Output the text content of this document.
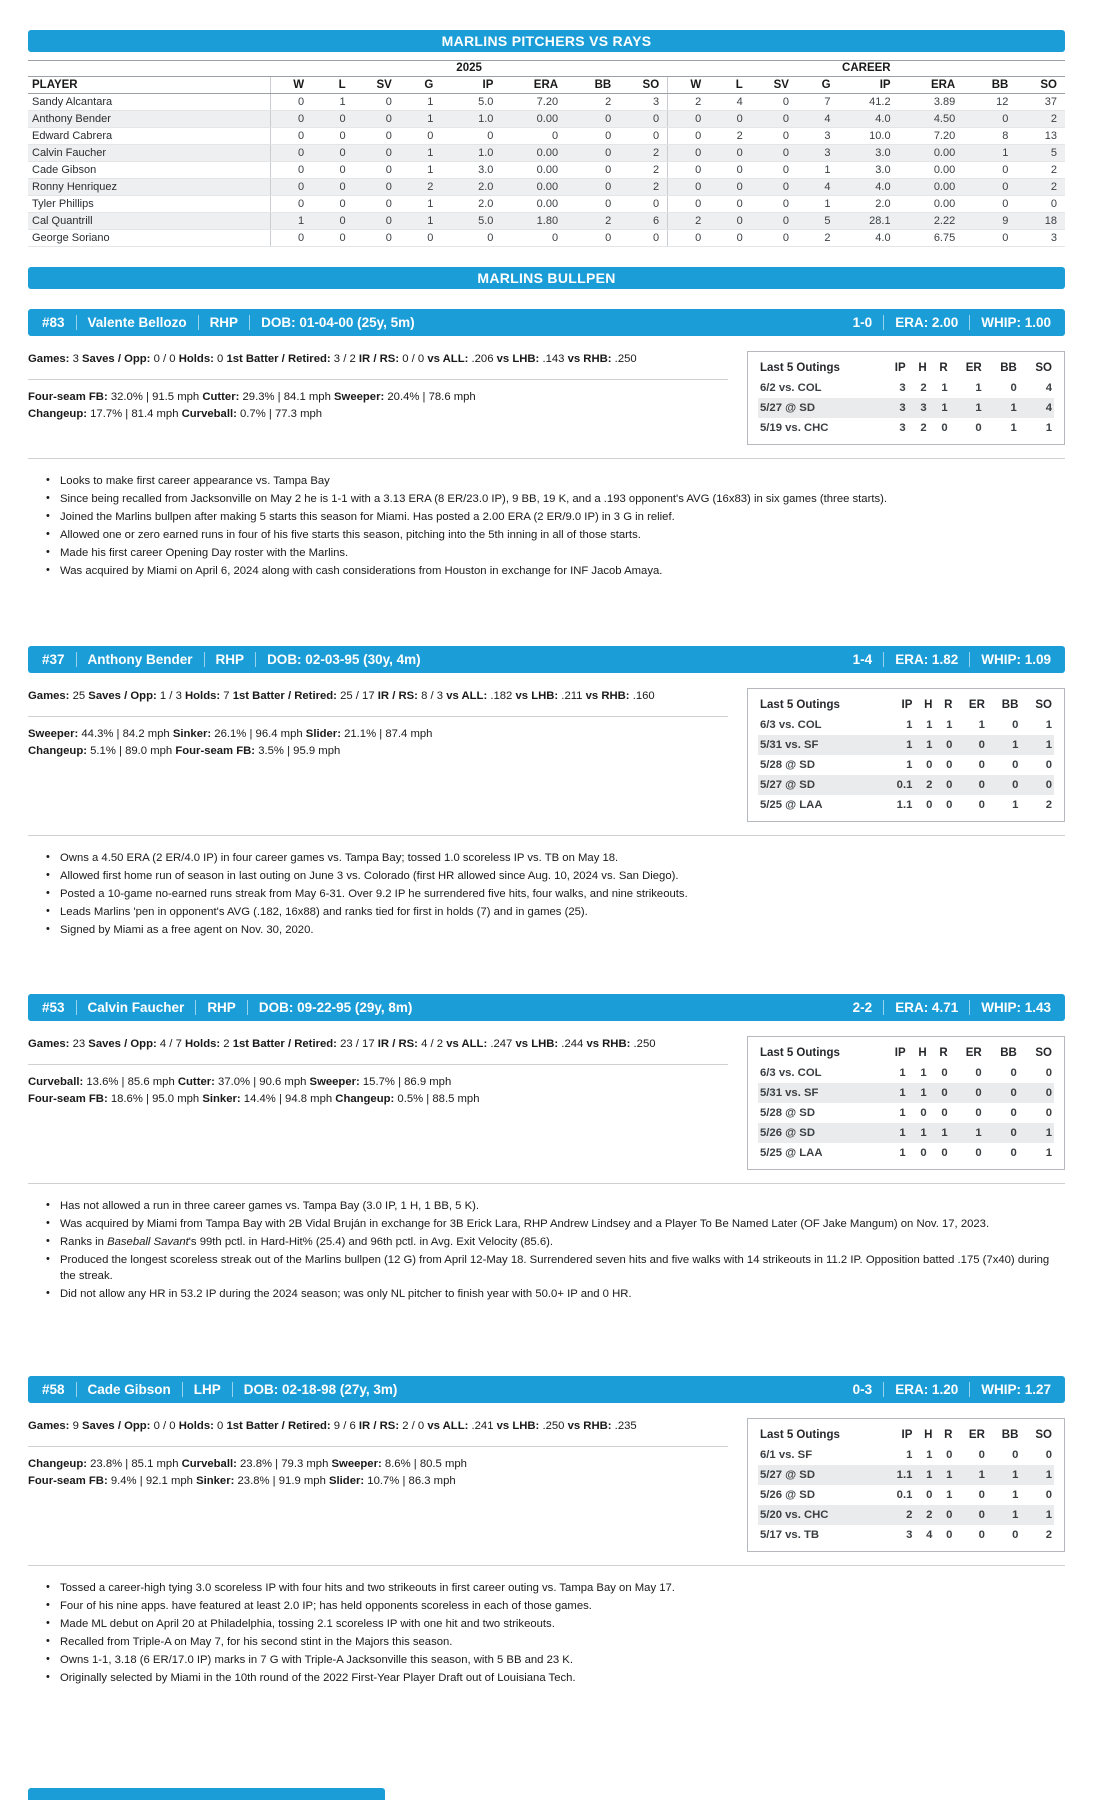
MARLINS PITCHERS VS RAYS
	2025								CAREER							
PLAYER	W	L	SV	G	IP	ERA	BB	SO	W	L	SV	G	IP	ERA	BB	SO
Sandy Alcantara	0	1	0	1	5.0	7.20	2	3	2	4	0	7	41.2	3.89	12	37
Anthony Bender	0	0	0	1	1.0	0.00	0	0	0	0	0	4	4.0	4.50	0	2
Edward Cabrera	0	0	0	0	0	0	0	0	0	2	0	3	10.0	7.20	8	13
Calvin Faucher	0	0	0	1	1.0	0.00	0	2	0	0	0	3	3.0	0.00	1	5
Cade Gibson	0	0	0	1	3.0	0.00	0	2	0	0	0	1	3.0	0.00	0	2
Ronny Henriquez	0	0	0	2	2.0	0.00	0	2	0	0	0	4	4.0	0.00	0	2
Tyler Phillips	0	0	0	1	2.0	0.00	0	0	0	0	0	1	2.0	0.00	0	0
Cal Quantrill	1	0	0	1	5.0	1.80	2	6	2	0	0	5	28.1	2.22	9	18
George Soriano	0	0	0	0	0	0	0	0	0	0	0	2	4.0	6.75	0	3
MARLINS BULLPEN
#83 Valente Bellozo RHP DOB: 01-04-00 (25y, 5m)	1-0 ERA: 2.00 WHIP: 1.00

Games: 3 Saves / Opp: 0 / 0 Holds: 0 1st Batter / Retired: 3 / 2 IR / RS: 0 / 0 vs ALL: .206 vs LHB: .143 vs RHB: .250

Four-seam FB: 32.0% | 91.5 mph Cutter: 29.3% | 84.1 mph Sweeper: 20.4% | 78.6 mph
Changeup: 17.7% | 81.4 mph Curveball: 0.7% | 77.3 mph

Last 5 Outings	IP	H	R	ER	BB	SO
6/2 vs. COL	3	2	1	1	0	4
5/27 @ SD	3	3	1	1	1	4
5/19 vs. CHC	3	2	0	0	1	1
• Looks to make first career appearance vs. Tampa Bay
• Since being recalled from Jacksonville on May 2 he is 1-1 with a 3.13 ERA (8 ER/23.0 IP), 9 BB, 19 K, and a .193 opponent's AVG (16x83) in six games (three starts).
• Joined the Marlins bullpen after making 5 starts this season for Miami. Has posted a 2.00 ERA (2 ER/9.0 IP) in 3 G in relief.
• Allowed one or zero earned runs in four of his five starts this season, pitching into the 5th inning in all of those starts.
• Made his first career Opening Day roster with the Marlins.
• Was acquired by Miami on April 6, 2024 along with cash considerations from Houston in exchange for INF Jacob Amaya.
#37 Anthony Bender RHP DOB: 02-03-95 (30y, 4m)	1-4 ERA: 1.82 WHIP: 1.09

Games: 25 Saves / Opp: 1 / 3 Holds: 7 1st Batter / Retired: 25 / 17 IR / RS: 8 / 3 vs ALL: .182 vs LHB: .211 vs RHB: .160

Sweeper: 44.3% | 84.2 mph Sinker: 26.1% | 96.4 mph Slider: 21.1% | 87.4 mph
Changeup: 5.1% | 89.0 mph Four-seam FB: 3.5% | 95.9 mph

Last 5 Outings	IP	H	R	ER	BB	SO
6/3 vs. COL	1	1	1	1	0	1
5/31 vs. SF	1	1	0	0	1	1
5/28 @ SD	1	0	0	0	0	0
5/27 @ SD	0.1	2	0	0	0	0
5/25 @ LAA	1.1	0	0	0	1	2
• Owns a 4.50 ERA (2 ER/4.0 IP) in four career games vs. Tampa Bay; tossed 1.0 scoreless IP vs. TB on May 18.
• Allowed first home run of season in last outing on June 3 vs. Colorado (first HR allowed since Aug. 10, 2024 vs. San Diego).
• Posted a 10-game no-earned runs streak from May 6-31. Over 9.2 IP he surrendered five hits, four walks, and nine strikeouts.
• Leads Marlins 'pen in opponent's AVG (.182, 16x88) and ranks tied for first in holds (7) and in games (25).
• Signed by Miami as a free agent on Nov. 30, 2020.
#53 Calvin Faucher RHP DOB: 09-22-95 (29y, 8m)	2-2 ERA: 4.71 WHIP: 1.43

Games: 23 Saves / Opp: 4 / 7 Holds: 2 1st Batter / Retired: 23 / 17 IR / RS: 4 / 2 vs ALL: .247 vs LHB: .244 vs RHB: .250

Curveball: 13.6% | 85.6 mph Cutter: 37.0% | 90.6 mph Sweeper: 15.7% | 86.9 mph
Four-seam FB: 18.6% | 95.0 mph Sinker: 14.4% | 94.8 mph Changeup: 0.5% | 88.5 mph

Last 5 Outings	IP	H	R	ER	BB	SO
6/3 vs. COL	1	1	0	0	0	0
5/31 vs. SF	1	1	0	0	0	0
5/28 @ SD	1	0	0	0	0	0
5/26 @ SD	1	1	1	1	0	1
5/25 @ LAA	1	0	0	0	0	1
• Has not allowed a run in three career games vs. Tampa Bay (3.0 IP, 1 H, 1 BB, 5 K).
• Was acquired by Miami from Tampa Bay with 2B Vidal Bruján in exchange for 3B Erick Lara, RHP Andrew Lindsey and a Player To Be Named Later (OF Jake Mangum) on Nov. 17, 2023.
• Ranks in Baseball Savant's 99th pctl. in Hard-Hit% (25.4) and 96th pctl. in Avg. Exit Velocity (85.6).
• Produced the longest scoreless streak out of the Marlins bullpen (12 G) from April 12-May 18. Surrendered seven hits and five walks with 14 strikeouts in 11.2 IP. Opposition batted .175 (7x40) during the streak.
• Did not allow any HR in 53.2 IP during the 2024 season; was only NL pitcher to finish year with 50.0+ IP and 0 HR.
#58 Cade Gibson LHP DOB: 02-18-98 (27y, 3m)	0-3 ERA: 1.20 WHIP: 1.27

Games: 9 Saves / Opp: 0 / 0 Holds: 0 1st Batter / Retired: 9 / 6 IR / RS: 2 / 0 vs ALL: .241 vs LHB: .250 vs RHB: .235

Changeup: 23.8% | 85.1 mph Curveball: 23.8% | 79.3 mph Sweeper: 8.6% | 80.5 mph
Four-seam FB: 9.4% | 92.1 mph Sinker: 23.8% | 91.9 mph Slider: 10.7% | 86.3 mph

Last 5 Outings	IP	H	R	ER	BB	SO
6/1 vs. SF	1	1	0	0	0	0
5/27 @ SD	1.1	1	1	1	1	1
5/26 @ SD	0.1	0	1	0	1	0
5/20 vs. CHC	2	2	0	0	1	1
5/17 vs. TB	3	4	0	0	0	2
• Tossed a career-high tying 3.0 scoreless IP with four hits and two strikeouts in first career outing vs. Tampa Bay on May 17.
• Four of his nine apps. have featured at least 2.0 IP; has held opponents scoreless in each of those games.
• Made ML debut on April 20 at Philadelphia, tossing 2.1 scoreless IP with one hit and two strikeouts.
• Recalled from Triple-A on May 7, for his second stint in the Majors this season.
• Owns 1-1, 3.18 (6 ER/17.0 IP) marks in 7 G with Triple-A Jacksonville this season, with 5 BB and 23 K.
• Originally selected by Miami in the 10th round of the 2022 First-Year Player Draft out of Louisiana Tech.
